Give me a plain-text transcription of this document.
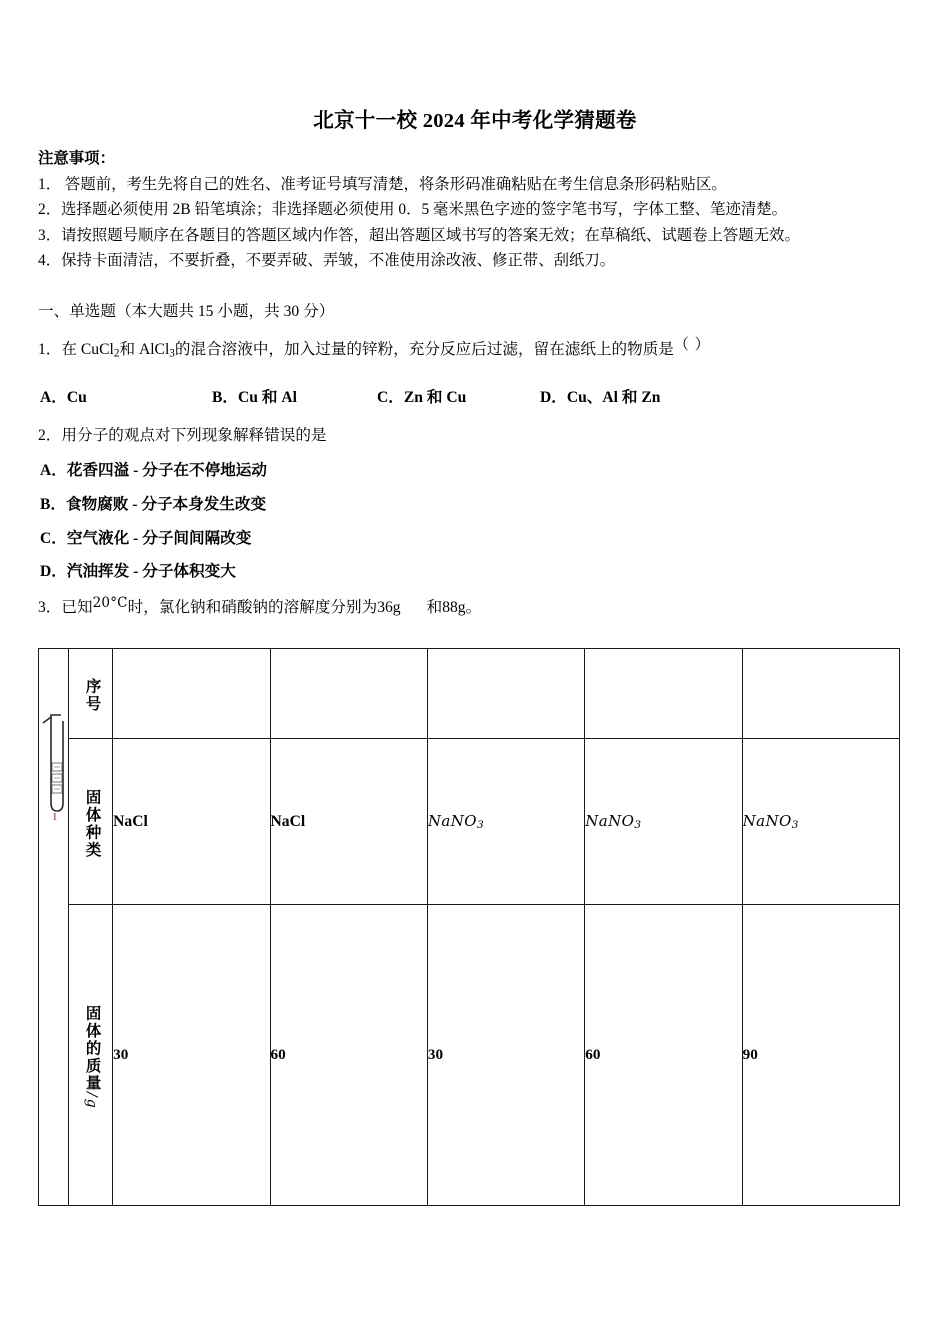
北京十一校 2024 年中考化学猜题卷
注意事项：
1． 答题前，考生先将自己的姓名、准考证号填写清楚，将条形码准确粘贴在考生信息条形码粘贴区。
2．选择题必须使用 2B 铅笔填涂；非选择题必须使用 0．5 毫米黑色字迹的签字笔书写，字体工整、笔迹清楚。
3．请按照题号顺序在各题目的答题区域内作答，超出答题区域书写的答案无效；在草稿纸、试题卷上答题无效。
4．保持卡面清洁，不要折叠，不要弄破、弄皱，不准使用涂改液、修正带、刮纸刀。
一、单选题（本大题共 15 小题，共 30 分）
1．在 CuCl$_2$和 AlCl$_3$的混合溶液中，加入过量的锌粉，充分反应后过滤，留在滤纸上的物质是（ ）
A．Cu	B．Cu 和 Al	C．Zn 和 Cu	D．Cu、Al 和 Zn
2．用分子的观点对下列现象解释错误的是
A．花香四溢 - 分子在不停地运动
B．食物腐败 - 分子本身发生改变
C．空气液化 - 分子间间隔改变
D．汽油挥发 - 分子体积变大
3．已知20°C时，氯化钠和硝酸钠的溶解度分别为36g 和88g。
1	序号					

	固体种类	NaCl	NaCl	NaNO$_3$	NaNO$_3$	NaNO$_3$

	固体的质量/g	30	60	30	60	90
